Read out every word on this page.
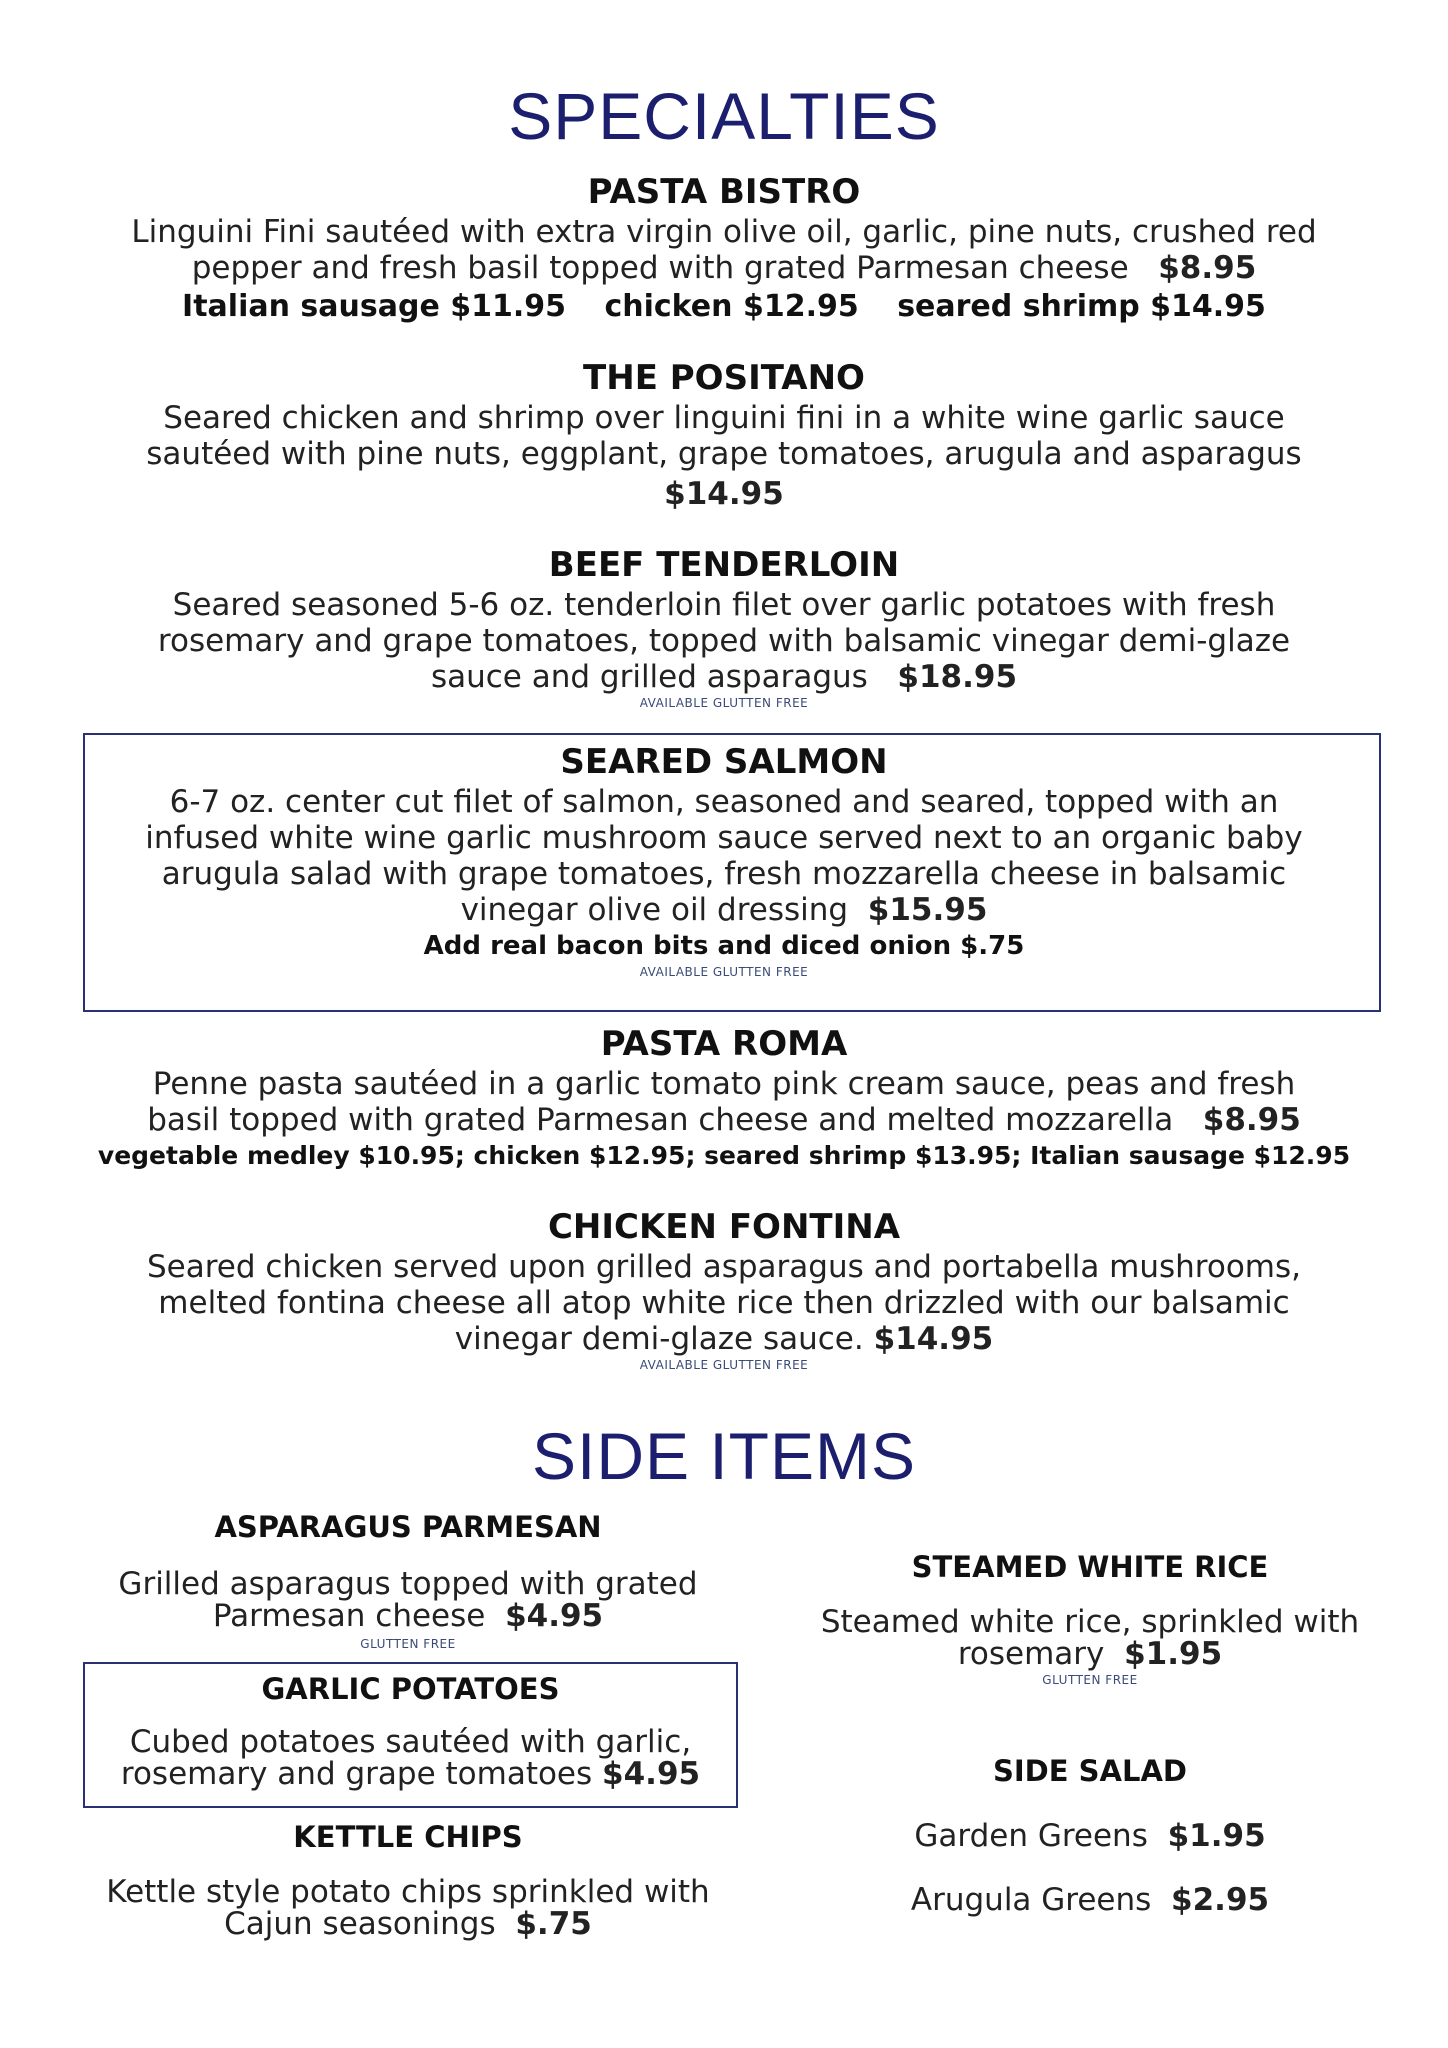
SPECIALTIES
PASTA BISTRO
Linguini Fini sautéed with extra virgin olive oil, garlic, pine nuts, crushed red
pepper and fresh basil topped with grated Parmesan cheese $8.95
Italian sausage $11.95 chicken $12.95 seared shrimp $14.95
THE POSITANO
Seared chicken and shrimp over linguini fini in a white wine garlic sauce
sautéed with pine nuts, eggplant, grape tomatoes, arugula and asparagus
$14.95
BEEF TENDERLOIN
Seared seasoned 5-6 oz. tenderloin filet over garlic potatoes with fresh
rosemary and grape tomatoes, topped with balsamic vinegar demi-glaze
sauce and grilled asparagus $18.95
AVAILABLE GLUTTEN FREE
SEARED SALMON
6-7 oz. center cut filet of salmon, seasoned and seared, topped with an
infused white wine garlic mushroom sauce served next to an organic baby
arugula salad with grape tomatoes, fresh mozzarella cheese in balsamic
vinegar olive oil dressing $15.95
Add real bacon bits and diced onion $.75
AVAILABLE GLUTTEN FREE
PASTA ROMA
Penne pasta sautéed in a garlic tomato pink cream sauce, peas and fresh
basil topped with grated Parmesan cheese and melted mozzarella $8.95
vegetable medley $10.95; chicken $12.95; seared shrimp $13.95; Italian sausage $12.95
CHICKEN FONTINA
Seared chicken served upon grilled asparagus and portabella mushrooms,
melted fontina cheese all atop white rice then drizzled with our balsamic
vinegar demi-glaze sauce. $14.95
AVAILABLE GLUTTEN FREE
SIDE ITEMS
ASPARAGUS PARMESAN
Grilled asparagus topped with grated
Parmesan cheese $4.95
GLUTTEN FREE
GARLIC POTATOES
Cubed potatoes sautéed with garlic,
rosemary and grape tomatoes $4.95
KETTLE CHIPS
Kettle style potato chips sprinkled with
Cajun seasonings $.75
STEAMED WHITE RICE
Steamed white rice, sprinkled with
rosemary $1.95
GLUTTEN FREE
SIDE SALAD
Garden Greens $1.95
Arugula Greens $2.95
